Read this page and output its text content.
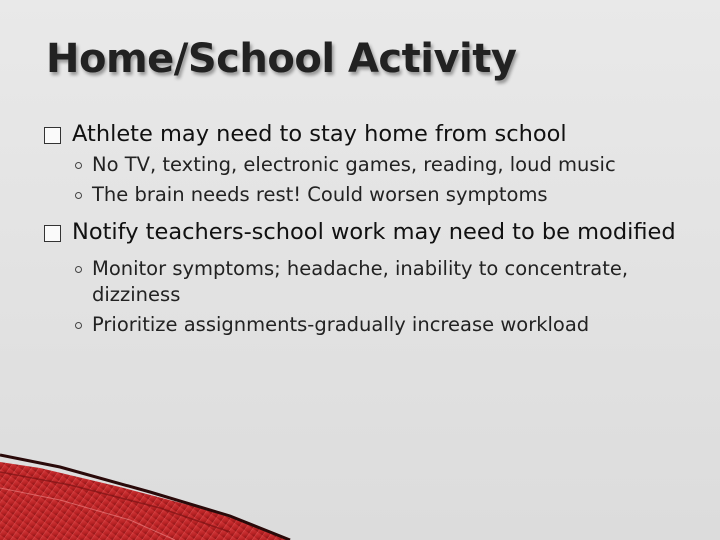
Home/School Activity
Athlete may need to stay home from school
No TV, texting, electronic games, reading, loud music
The brain needs rest! Could worsen symptoms
Notify teachers-school work may need to be modified
Monitor symptoms; headache, inability to concentrate, dizziness
Prioritize assignments-gradually increase workload
